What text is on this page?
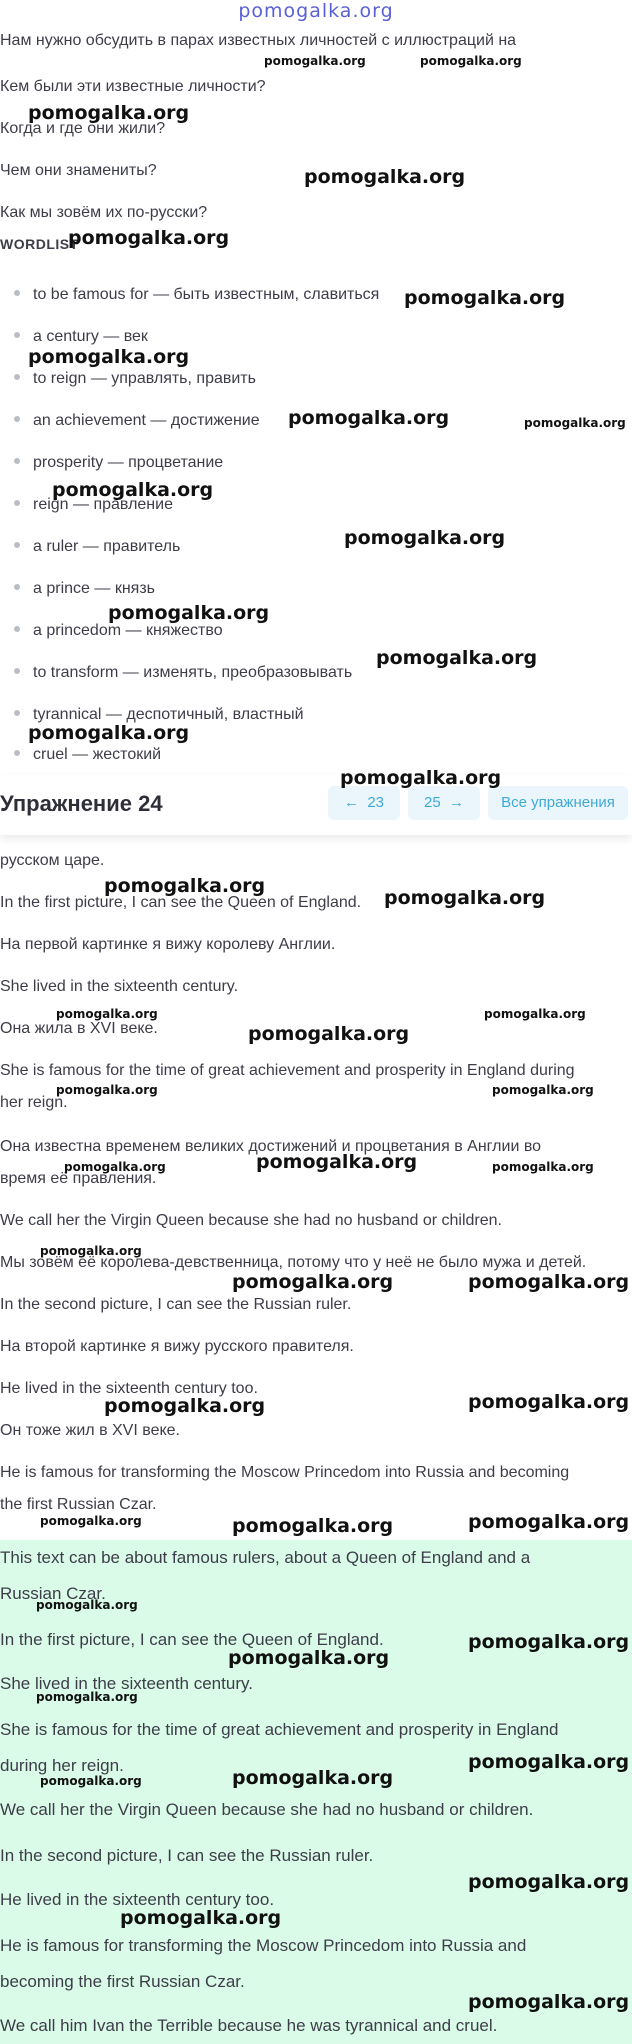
pomogalka.org
Нам нужно обсудить в парах известных личностей с иллюстраций на
Кем были эти известные личности?
Когда и где они жили?
Чем они знамениты?
Как мы зовём их по-русски?
WORDLIST
to be famous for — быть известным, славиться
a century — век
to reign — управлять, править
an achievement — достижение
prosperity — процветание
reign — правление
a ruler — правитель
a prince — князь
a princedom — княжество
to transform — изменять, преобразовывать
tyrannical — деспотичный, властный
cruel — жестокий
русском царе.
In the first picture, I can see the Queen of England.
На первой картинке я вижу королеву Англии.
She lived in the sixteenth century.
Она жила в XVI веке.
She is famous for the time of great achievement and prosperity in England during
her reign.
Она известна временем великих достижений и процветания в Англии во
время её правления.
We call her the Virgin Queen because she had no husband or children.
Мы зовём её королева-девственница, потому что у неё не было мужа и детей.
In the second picture, I can see the Russian ruler.
На второй картинке я вижу русского правителя.
He lived in the sixteenth century too.
Он тоже жил в XVI веке.
He is famous for transforming the Moscow Princedom into Russia and becoming
the first Russian Czar.
Упражнение 24	← 23	25 →	Все упражнения
This text can be about famous rulers, about a Queen of England and a
Russian Czar.
In the first picture, I can see the Queen of England.
She lived in the sixteenth century.
She is famous for the time of great achievement and prosperity in England
during her reign.
We call her the Virgin Queen because she had no husband or children.
In the second picture, I can see the Russian ruler.
He lived in the sixteenth century too.
He is famous for transforming the Moscow Princedom into Russia and
becoming the first Russian Czar.
We call him Ivan the Terrible because he was tyrannical and cruel.
pomogalka.org	pomogalka.org
pomogalka.org
pomogalka.org
pomogalka.org
pomogalka.org
pomogalka.org
pomogalka.org	pomogalka.org
pomogalka.org
pomogalka.org
pomogalka.org
pomogalka.org
pomogalka.org
pomogalka.org
pomogalka.org
pomogalka.org
pomogalka.org	pomogalka.org
pomogalka.org
pomogalka.org	pomogalka.org
pomogalka.org
pomogalka.org	pomogalka.org
pomogalka.org
pomogalka.org	pomogalka.org
pomogalka.org	pomogalka.org
pomogalka.org	pomogalka.org	pomogalka.org
pomogalka.org
pomogalka.org
pomogalka.org
pomogalka.org
pomogalka.org
pomogalka.org	pomogalka.org
pomogalka.org
pomogalka.org
pomogalka.org
